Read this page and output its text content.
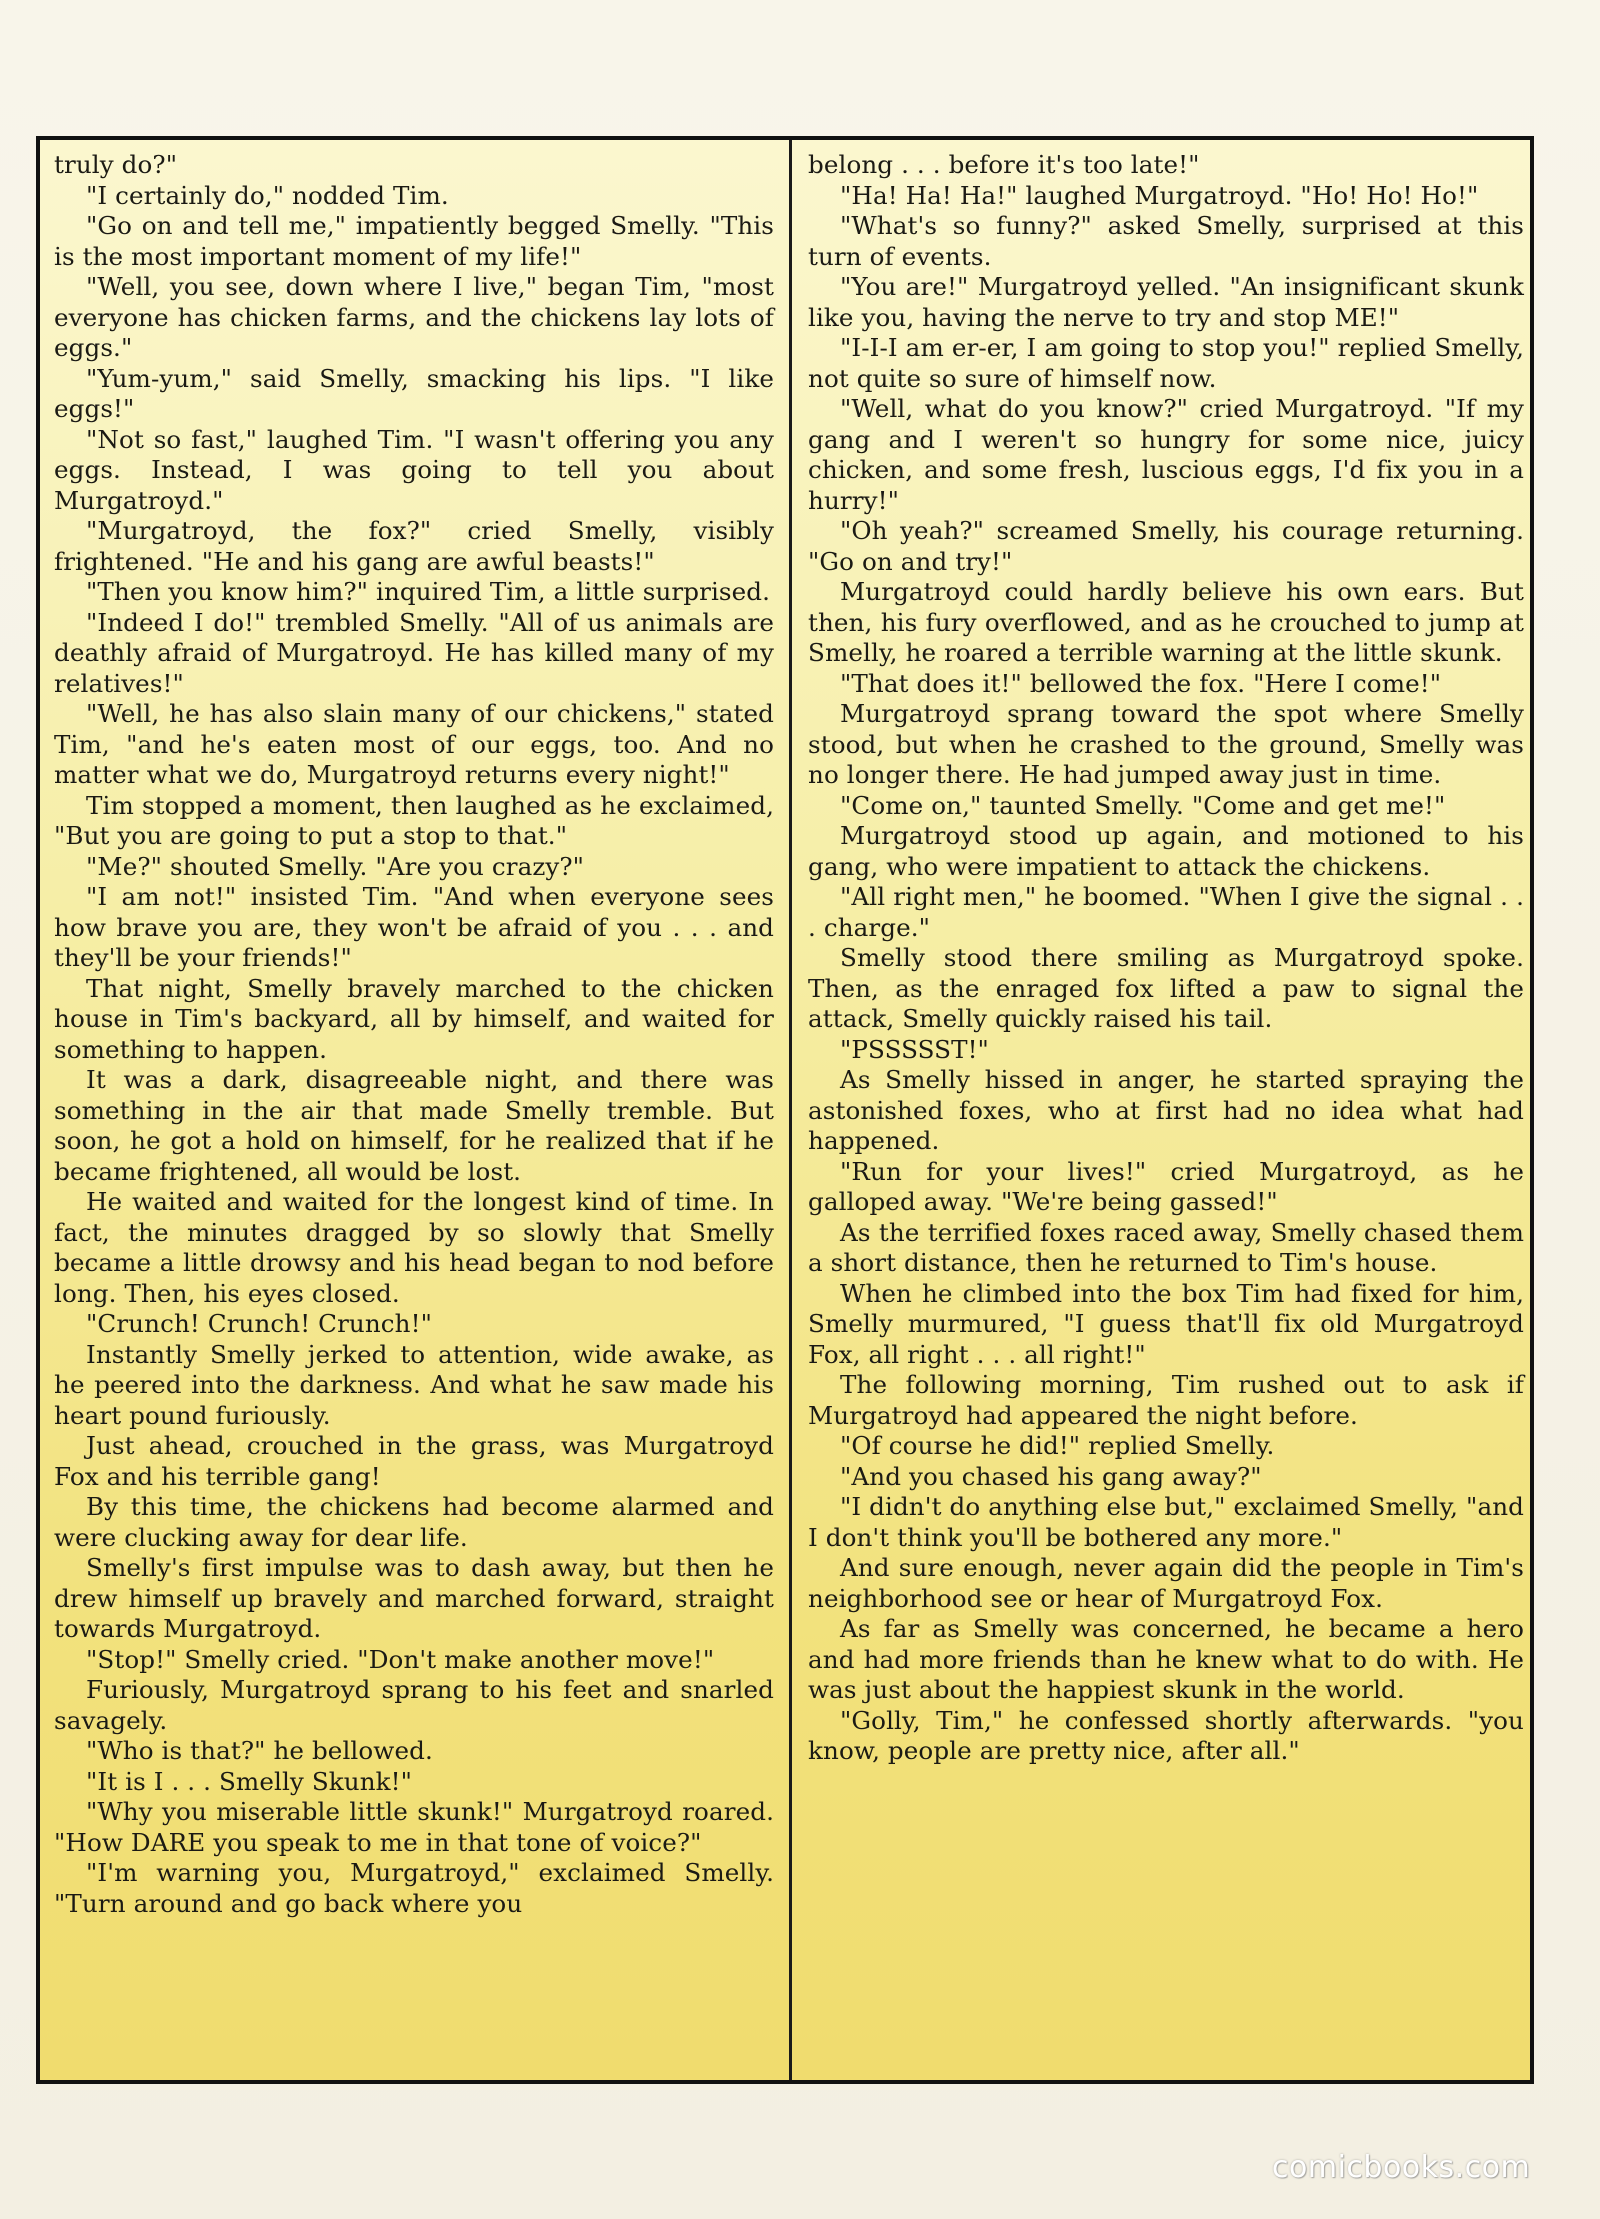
truly do?"

"I certainly do," nodded Tim.

"Go on and tell me," impatiently begged Smelly. "This is the most important moment of my life!"

"Well, you see, down where I live," began Tim, "most everyone has chicken farms, and the chickens lay lots of eggs."

"Yum-yum," said Smelly, smacking his lips. "I like eggs!"

"Not so fast," laughed Tim. "I wasn't offering you any eggs. Instead, I was going to tell you about Murgatroyd."

"Murgatroyd, the fox?" cried Smelly, visibly frightened. "He and his gang are awful beasts!"

"Then you know him?" inquired Tim, a little surprised.

"Indeed I do!" trembled Smelly. "All of us animals are deathly afraid of Murgatroyd. He has killed many of my relatives!"

"Well, he has also slain many of our chickens," stated Tim, "and he's eaten most of our eggs, too. And no matter what we do, Murgatroyd returns every night!"

Tim stopped a moment, then laughed as he exclaimed, "But you are going to put a stop to that."

"Me?" shouted Smelly. "Are you crazy?"

"I am not!" insisted Tim. "And when everyone sees how brave you are, they won't be afraid of you . . . and they'll be your friends!"

That night, Smelly bravely marched to the chicken house in Tim's backyard, all by himself, and waited for something to happen.

It was a dark, disagreeable night, and there was something in the air that made Smelly tremble. But soon, he got a hold on himself, for he realized that if he became frightened, all would be lost.

He waited and waited for the longest kind of time. In fact, the minutes dragged by so slowly that Smelly became a little drowsy and his head began to nod before long. Then, his eyes closed.

"Crunch! Crunch! Crunch!"

Instantly Smelly jerked to attention, wide awake, as he peered into the darkness. And what he saw made his heart pound furiously.

Just ahead, crouched in the grass, was Murgatroyd Fox and his terrible gang!

By this time, the chickens had become alarmed and were clucking away for dear life.

Smelly's first impulse was to dash away, but then he drew himself up bravely and marched forward, straight towards Murgatroyd.

"Stop!" Smelly cried. "Don't make another move!"

Furiously, Murgatroyd sprang to his feet and snarled savagely.

"Who is that?" he bellowed.

"It is I . . . Smelly Skunk!"

"Why you miserable little skunk!" Murgatroyd roared. "How DARE you speak to me in that tone of voice?"

"I'm warning you, Murgatroyd," exclaimed Smelly. "Turn around and go back where you

belong . . . before it's too late!"

"Ha! Ha! Ha!" laughed Murgatroyd. "Ho! Ho! Ho!"

"What's so funny?" asked Smelly, surprised at this turn of events.

"You are!" Murgatroyd yelled. "An insignificant skunk like you, having the nerve to try and stop ME!"

"I-I-I am er-er, I am going to stop you!" replied Smelly, not quite so sure of himself now.

"Well, what do you know?" cried Murgatroyd. "If my gang and I weren't so hungry for some nice, juicy chicken, and some fresh, luscious eggs, I'd fix you in a hurry!"

"Oh yeah?" screamed Smelly, his courage returning. "Go on and try!"

Murgatroyd could hardly believe his own ears. But then, his fury overflowed, and as he crouched to jump at Smelly, he roared a terrible warning at the little skunk.

"That does it!" bellowed the fox. "Here I come!"

Murgatroyd sprang toward the spot where Smelly stood, but when he crashed to the ground, Smelly was no longer there. He had jumped away just in time.

"Come on," taunted Smelly. "Come and get me!"

Murgatroyd stood up again, and motioned to his gang, who were impatient to attack the chickens.

"All right men," he boomed. "When I give the signal . . . charge."

Smelly stood there smiling as Murgatroyd spoke. Then, as the enraged fox lifted a paw to signal the attack, Smelly quickly raised his tail.

"PSSSSST!"

As Smelly hissed in anger, he started spraying the astonished foxes, who at first had no idea what had happened.

"Run for your lives!" cried Murgatroyd, as he galloped away. "We're being gassed!"

As the terrified foxes raced away, Smelly chased them a short distance, then he returned to Tim's house.

When he climbed into the box Tim had fixed for him, Smelly murmured, "I guess that'll fix old Murgatroyd Fox, all right . . . all right!"

The following morning, Tim rushed out to ask if Murgatroyd had appeared the night before.

"Of course he did!" replied Smelly.

"And you chased his gang away?"

"I didn't do anything else but," exclaimed Smelly, "and I don't think you'll be bothered any more."

And sure enough, never again did the people in Tim's neighborhood see or hear of Murgatroyd Fox.

As far as Smelly was concerned, he became a hero and had more friends than he knew what to do with. He was just about the happiest skunk in the world.

"Golly, Tim," he confessed shortly afterwards. "you know, people are pretty nice, after all."

comicbooks.com
